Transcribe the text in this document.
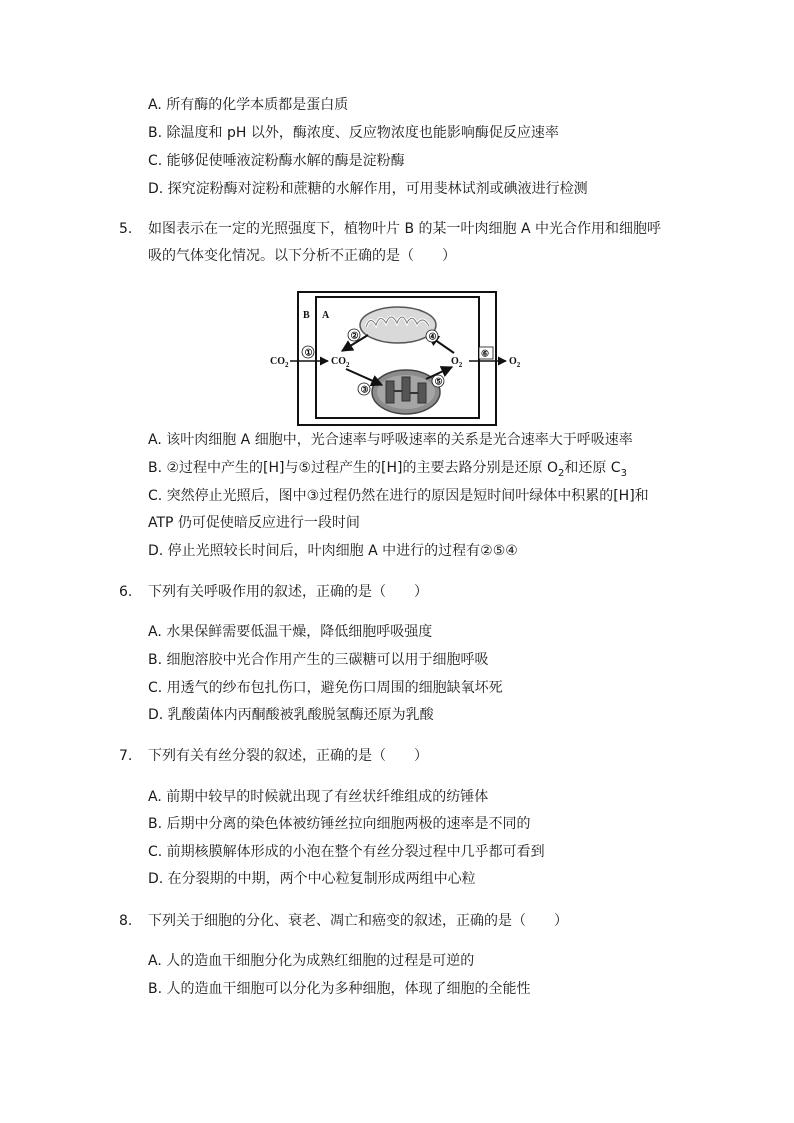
A. 所有酶的化学本质都是蛋白质
B. 除温度和 pH 以外，酶浓度、反应物浓度也能影响酶促反应速率
C. 能够促使唾液淀粉酶水解的酶是淀粉酶
D. 探究淀粉酶对淀粉和蔗糖的水解作用，可用斐林试剂或碘液进行检测
5. 如图表示在一定的光照强度下，植物叶片 B 的某一叶肉细胞 A 中光合作用和细胞呼
吸的气体变化情况。以下分析不正确的是（　　）
B A
$CO_2$
①
$CO_2$	$O_2$
⑥
$O_2$
②	④
③
⑤
A. 该叶肉细胞 A 细胞中，光合速率与呼吸速率的关系是光合速率大于呼吸速率
B. ②过程中产生的[H]与⑤过程产生的[H]的主要去路分别是还原 $O_2$和还原 $C_3$
C. 突然停止光照后，图中③过程仍然在进行的原因是短时间叶绿体中积累的[H]和
ATP 仍可促使暗反应进行一段时间
D. 停止光照较长时间后，叶肉细胞 A 中进行的过程有②⑤④
6. 下列有关呼吸作用的叙述，正确的是（　　）
A. 水果保鲜需要低温干燥，降低细胞呼吸强度
B. 细胞溶胶中光合作用产生的三碳糖可以用于细胞呼吸
C. 用透气的纱布包扎伤口，避免伤口周围的细胞缺氧坏死
D. 乳酸菌体内丙酮酸被乳酸脱氢酶还原为乳酸
7. 下列有关有丝分裂的叙述，正确的是（　　）
A. 前期中较早的时候就出现了有丝状纤维组成的纺锤体
B. 后期中分离的染色体被纺锤丝拉向细胞两极的速率是不同的
C. 前期核膜解体形成的小泡在整个有丝分裂过程中几乎都可看到
D. 在分裂期的中期，两个中心粒复制形成两组中心粒
8. 下列关于细胞的分化、衰老、凋亡和癌变的叙述，正确的是（　　）
A. 人的造血干细胞分化为成熟红细胞的过程是可逆的
B. 人的造血干细胞可以分化为多种细胞，体现了细胞的全能性
